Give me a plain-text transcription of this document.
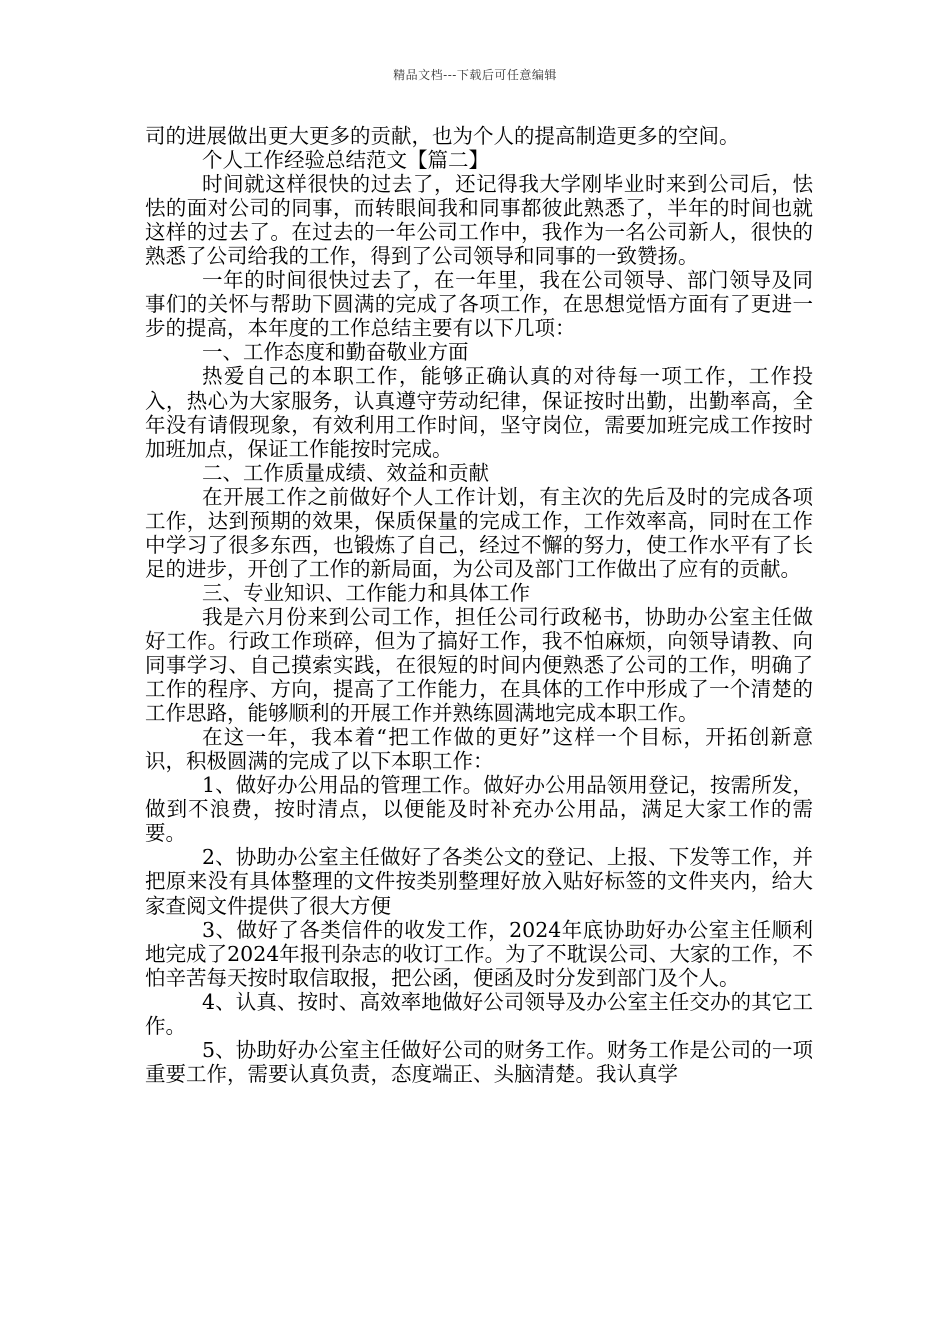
精品文档---下载后可任意编辑

司的进展做出更大更多的贡献，也为个人的提高制造更多的空间。

个人工作经验总结范文【篇二】

时间就这样很快的过去了，还记得我大学刚毕业时来到公司后，怯怯的面对公司的同事，而转眼间我和同事都彼此熟悉了，半年的时间也就这样的过去了。在过去的一年公司工作中，我作为一名公司新人，很快的熟悉了公司给我的工作，得到了公司领导和同事的一致赞扬。

一年的时间很快过去了，在一年里，我在公司领导、部门领导及同事们的关怀与帮助下圆满的完成了各项工作，在思想觉悟方面有了更进一步的提高，本年度的工作总结主要有以下几项：

一、工作态度和勤奋敬业方面

热爱自己的本职工作，能够正确认真的对待每一项工作，工作投入，热心为大家服务，认真遵守劳动纪律，保证按时出勤，出勤率高，全年没有请假现象，有效利用工作时间，坚守岗位，需要加班完成工作按时加班加点，保证工作能按时完成。

二、工作质量成绩、效益和贡献

在开展工作之前做好个人工作计划，有主次的先后及时的完成各项工作，达到预期的效果，保质保量的完成工作，工作效率高，同时在工作中学习了很多东西，也锻炼了自己，经过不懈的努力，使工作水平有了长足的进步，开创了工作的新局面，为公司及部门工作做出了应有的贡献。

三、专业知识、工作能力和具体工作

我是六月份来到公司工作，担任公司行政秘书，协助办公室主任做好工作。行政工作琐碎，但为了搞好工作，我不怕麻烦，向领导请教、向同事学习、自己摸索实践，在很短的时间内便熟悉了公司的工作，明确了工作的程序、方向，提高了工作能力，在具体的工作中形成了一个清楚的工作思路，能够顺利的开展工作并熟练圆满地完成本职工作。

在这一年，我本着“把工作做的更好”这样一个目标，开拓创新意识，积极圆满的完成了以下本职工作：

1、做好办公用品的管理工作。做好办公用品领用登记，按需所发，做到不浪费，按时清点，以便能及时补充办公用品，满足大家工作的需要。

2、协助办公室主任做好了各类公文的登记、上报、下发等工作，并把原来没有具体整理的文件按类别整理好放入贴好标签的文件夹内，给大家查阅文件提供了很大方便

3、做好了各类信件的收发工作，2024年底协助好办公室主任顺利地完成了2024年报刊杂志的收订工作。为了不耽误公司、大家的工作，不怕辛苦每天按时取信取报，把公函，便函及时分发到部门及个人。

4、认真、按时、高效率地做好公司领导及办公室主任交办的其它工作。

5、协助好办公室主任做好公司的财务工作。财务工作是公司的一项重要工作，需要认真负责，态度端正、头脑清楚。我认真学
